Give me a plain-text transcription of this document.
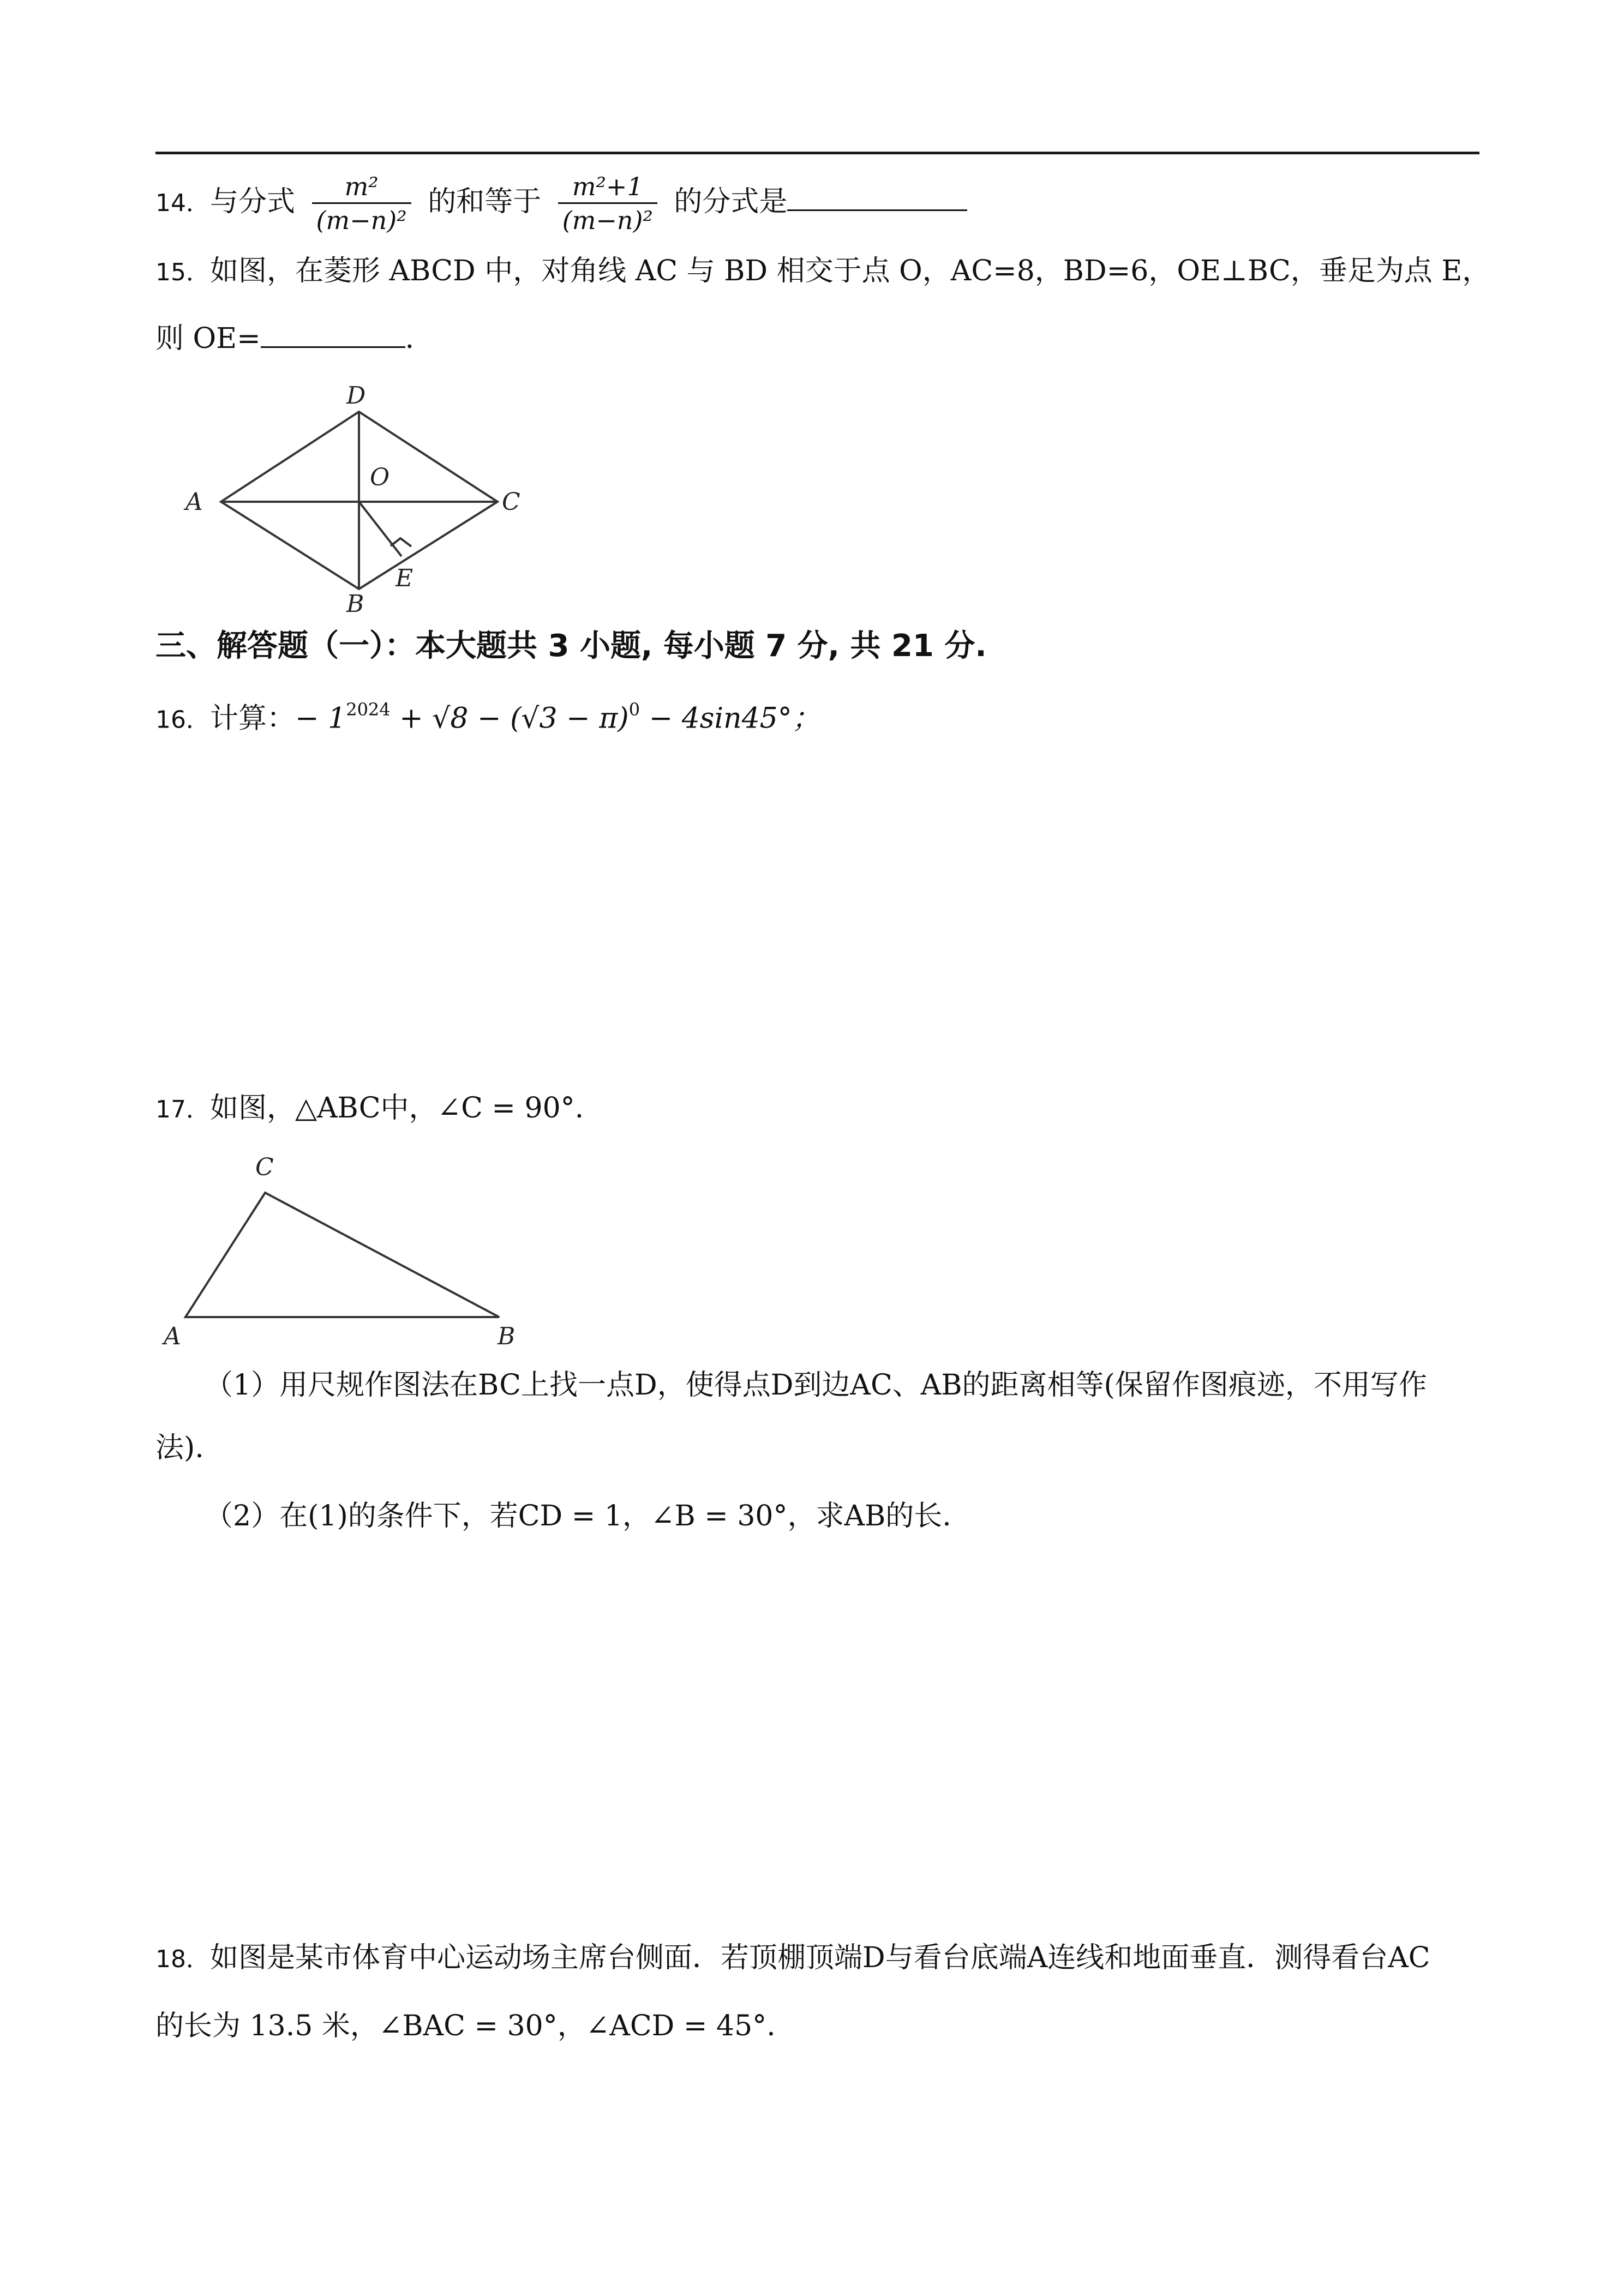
14．与分式 $\frac{\text{m²}}{\text{(m−n)²}}$ 的和等于 $\frac{\text{m²+1}}{\text{(m−n)²}}$ 的分式是
15．如图，在菱形 ABCD 中，对角线 AC 与 BD 相交于点 O，AC=8，BD=6，OE⊥BC，垂足为点 E，
则 OE=	．
A
D
O
C
B
E
三、解答题（一）：本大题共 3 小题, 每小题 7 分, 共 21 分.
16．计算：− $1^{2024} + √8 - (√3 - \pi)^0 - 4\sin 45^\circ$；
17．如图，△ABC中，∠C = 90°.
C
A	B
（1）用尺规作图法在BC上找一点D，使得点D到边AC、AB的距离相等(保留作图痕迹，不用写作
法).
（2）在(1)的条件下，若CD = 1，∠B = 30°，求AB的长.
18．如图是某市体育中心运动场主席台侧面．若顶棚顶端D与看台底端A连线和地面垂直．测得看台AC
的长为 13.5 米，∠BAC = 30°，∠ACD = 45°.
